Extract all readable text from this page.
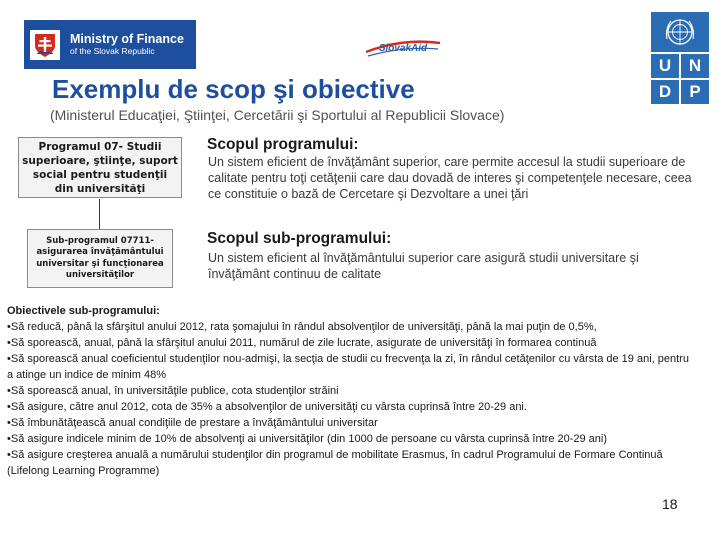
Ministry of Finance
of the Slovak Republic	SlovakAid
U	N
D	P
Exemplu de scop şi obiective

(Ministerul Educaţiei, Ştiinţei, Cercetării şi Sportului al Republicii Slovace)

Programul 07- Studii superioare, ştiinţe, suport social pentru studenţii din universităţi
Sub-programul 07711- asigurarea învăţământului universitar şi funcţionarea universităţilor
Scopul programului:

Un sistem eficient de învăţământ superior, care permite accesul la studii superioare de calitate pentru toţi cetăţenii care dau dovadă de interes şi competenţele necesare, ceea ce constituie o bază de Cercetare şi Dezvoltare a unei ţări

Scopul sub-programului:

Un sistem eficient al învăţământului superior care asigură studii universitare şi învăţământ continuu de calitate

Obiectivele sub-programului:
•Să reducă, până la sfârşitul anului 2012, rata şomajului în rândul absolvenţilor de universităţi, până la mai puţin de 0,5%,
•Să sporească, anual, până la sfârşitul anului 2011, numărul de zile lucrate, asigurate de universităţi în formarea continuă
•Să sporească anual coeficientul studenţilor nou-admişi, la secţia de studii cu frecvenţa la zi, în rândul cetăţenilor cu vârsta de 19 ani, pentru a atinge un indice de minim 48%
•Să sporească anual, în universităţile publice, cota studenţilor străini
•Să asigure, către anul 2012, cota de 35% a absolvenţilor de universităţi cu vârsta cuprinsă între 20-29 ani.
•Să îmbunătăţească anual condiţiile de prestare a învăţământului universitar
•Să asigure indicele minim de 10% de absolvenţi ai universităţilor (din 1000 de persoane cu vârsta cuprinsă între 20-29 ani)
•Să asigure creşterea anuală a numărului studenţilor din programul de mobilitate Erasmus, în cadrul Programului de Formare Continuă (Lifelong Learning Programme)
18
